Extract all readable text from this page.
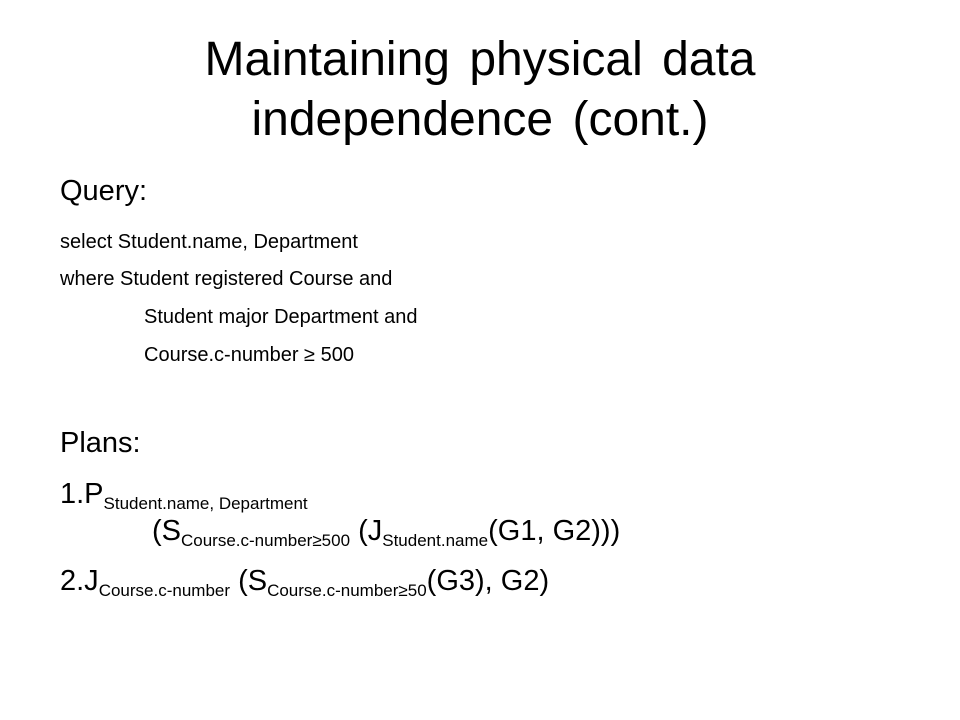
Maintaining physical data
independence (cont.)
Query:
select Student.name, Department
where Student registered Course and
Student major Department and
Course.c-number ≥ 500
Plans:
$1.P_{Student.name, Department}$
($S_{Course.c-number\ge 500}$ ($J_{Student.name}(G1$, G2)))
$2.J_{Course.c-number}$ ($S_{Course.c-number\ge 50}(G3)$, G2)
